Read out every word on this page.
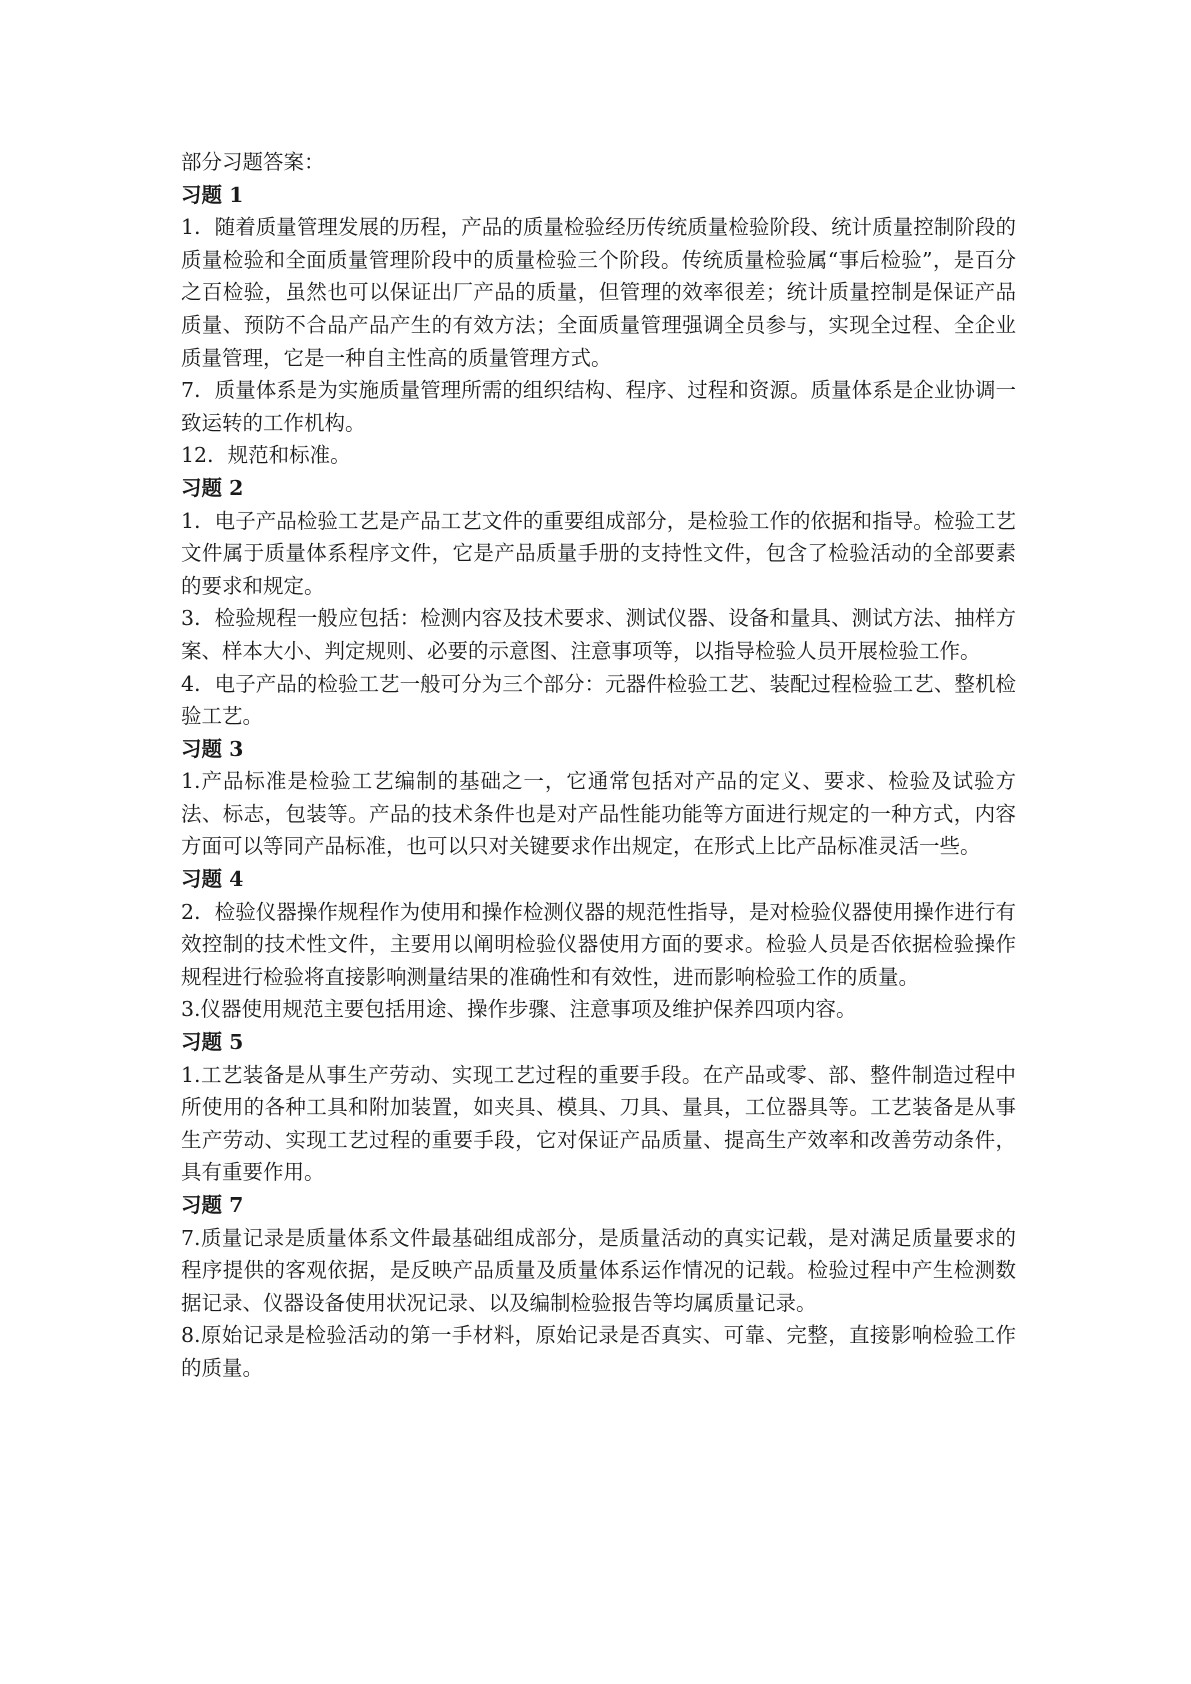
部分习题答案：

习题 1

1．随着质量管理发展的历程，产品的质量检验经历传统质量检验阶段、统计质量控制阶段的质量检验和全面质量管理阶段中的质量检验三个阶段。传统质量检验属“事后检验”，是百分之百检验，虽然也可以保证出厂产品的质量，但管理的效率很差；统计质量控制是保证产品质量、预防不合品产品产生的有效方法；全面质量管理强调全员参与，实现全过程、全企业质量管理，它是一种自主性高的质量管理方式。

7．质量体系是为实施质量管理所需的组织结构、程序、过程和资源。质量体系是企业协调一致运转的工作机构。

12．规范和标准。

习题 2

1．电子产品检验工艺是产品工艺文件的重要组成部分，是检验工作的依据和指导。检验工艺文件属于质量体系程序文件，它是产品质量手册的支持性文件，包含了检验活动的全部要素的要求和规定。

3．检验规程一般应包括：检测内容及技术要求、测试仪器、设备和量具、测试方法、抽样方案、样本大小、判定规则、必要的示意图、注意事项等，以指导检验人员开展检验工作。

4．电子产品的检验工艺一般可分为三个部分：元器件检验工艺、装配过程检验工艺、整机检验工艺。

习题 3

1.产品标准是检验工艺编制的基础之一，它通常包括对产品的定义、要求、检验及试验方法、标志，包装等。产品的技术条件也是对产品性能功能等方面进行规定的一种方式，内容方面可以等同产品标准，也可以只对关键要求作出规定，在形式上比产品标准灵活一些。

习题 4

2．检验仪器操作规程作为使用和操作检测仪器的规范性指导，是对检验仪器使用操作进行有效控制的技术性文件，主要用以阐明检验仪器使用方面的要求。检验人员是否依据检验操作规程进行检验将直接影响测量结果的准确性和有效性，进而影响检验工作的质量。

3.仪器使用规范主要包括用途、操作步骤、注意事项及维护保养四项内容。

习题 5

1.工艺装备是从事生产劳动、实现工艺过程的重要手段。在产品或零、部、整件制造过程中所使用的各种工具和附加装置，如夹具、模具、刀具、量具，工位器具等。工艺装备是从事生产劳动、实现工艺过程的重要手段，它对保证产品质量、提高生产效率和改善劳动条件，具有重要作用。

习题 7

7.质量记录是质量体系文件最基础组成部分，是质量活动的真实记载，是对满足质量要求的程序提供的客观依据，是反映产品质量及质量体系运作情况的记载。检验过程中产生检测数据记录、仪器设备使用状况记录、以及编制检验报告等均属质量记录。

8.原始记录是检验活动的第一手材料，原始记录是否真实、可靠、完整，直接影响检验工作的质量。
